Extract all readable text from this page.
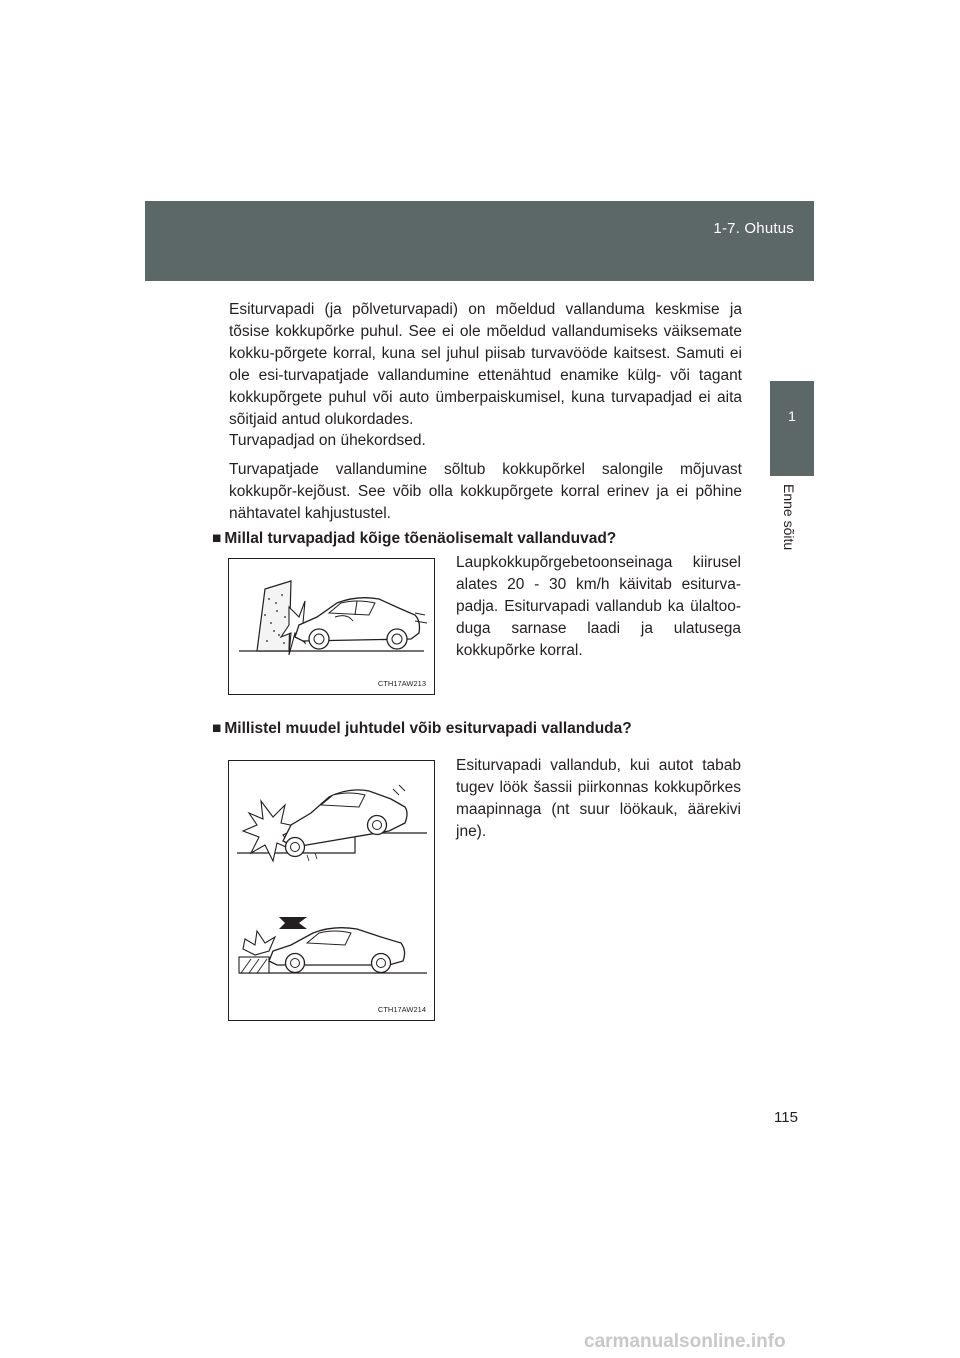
1-7. Ohutus
1
Enne sõitu

Esiturvapadi (ja põlveturvapadi) on mõeldud vallanduma keskmise ja tõsise kokkupõrke puhul. See ei ole mõeldud vallandumiseks väiksemate kokku-põrgete korral, kuna sel juhul piisab turvavööde kaitsest. Samuti ei ole esi-turvapatjade vallandumine ettenähtud enamike külg- või tagant kokkupõrgete puhul või auto ümberpaiskumisel, kuna turvapadjad ei aita sõitjaid antud olukordades.

Turvapadjad on ühekordsed.

Turvapatjade vallandumine sõltub kokkupõrkel salongile mõjuvast kokkupõr-kejõust. See võib olla kokkupõrgete korral erinev ja ei põhine nähtavatel kahjustustel.

■ Millal turvapadjad kõige tõenäolisemalt vallanduvad?
CTH17AW213

Laupkokkupõrgebetoonseinaga kiirusel alates 20 - 30 km/h käivitab esiturva-padja. Esiturvapadi vallandub ka ülaltoo-duga sarnase laadi ja ulatusega kokkupõrke korral.

■ Millistel muudel juhtudel võib esiturvapadi vallanduda?
CTH17AW214

Esiturvapadi vallandub, kui autot tabab tugev löök šassii piirkonnas kokkupõrkes maapinnaga (nt suur löökauk, äärekivi jne).

115
carmanualsonline.info
